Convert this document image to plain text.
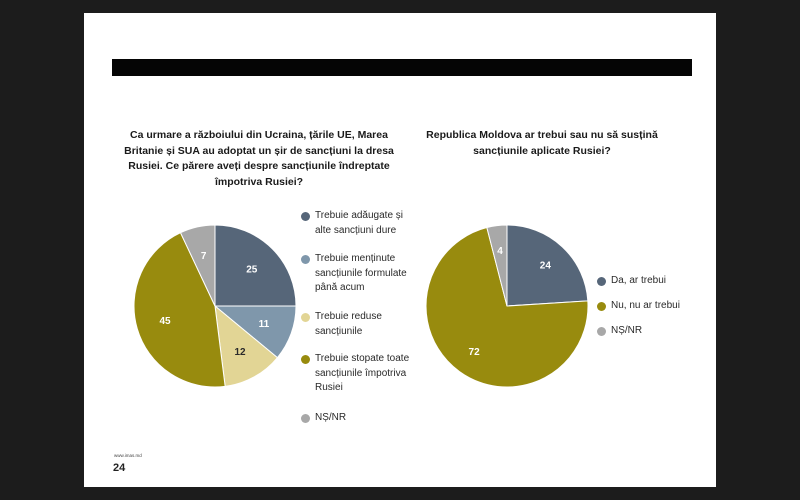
Ca urmare a războiului din Ucraina, țările UE, Marea Britanie și SUA au adoptat un șir de sancțiuni la dresa Rusiei. Ce părere aveți despre sancțiunile îndreptate împotriva Rusiei?
Republica Moldova ar trebui sau nu să susțină sancțiunile aplicate Rusiei?
25
11
12
45
7
24
72
4
Trebuie adăugate și alte sancțiuni dure
Trebuie menținute sancțiunile formulate până acum
Trebuie reduse sancțiunile
Trebuie stopate toate sancțiunile împotriva Rusiei
NȘ/NR
Da, ar trebui
Nu, nu ar trebui
NȘ/NR
www.imas.md
24
